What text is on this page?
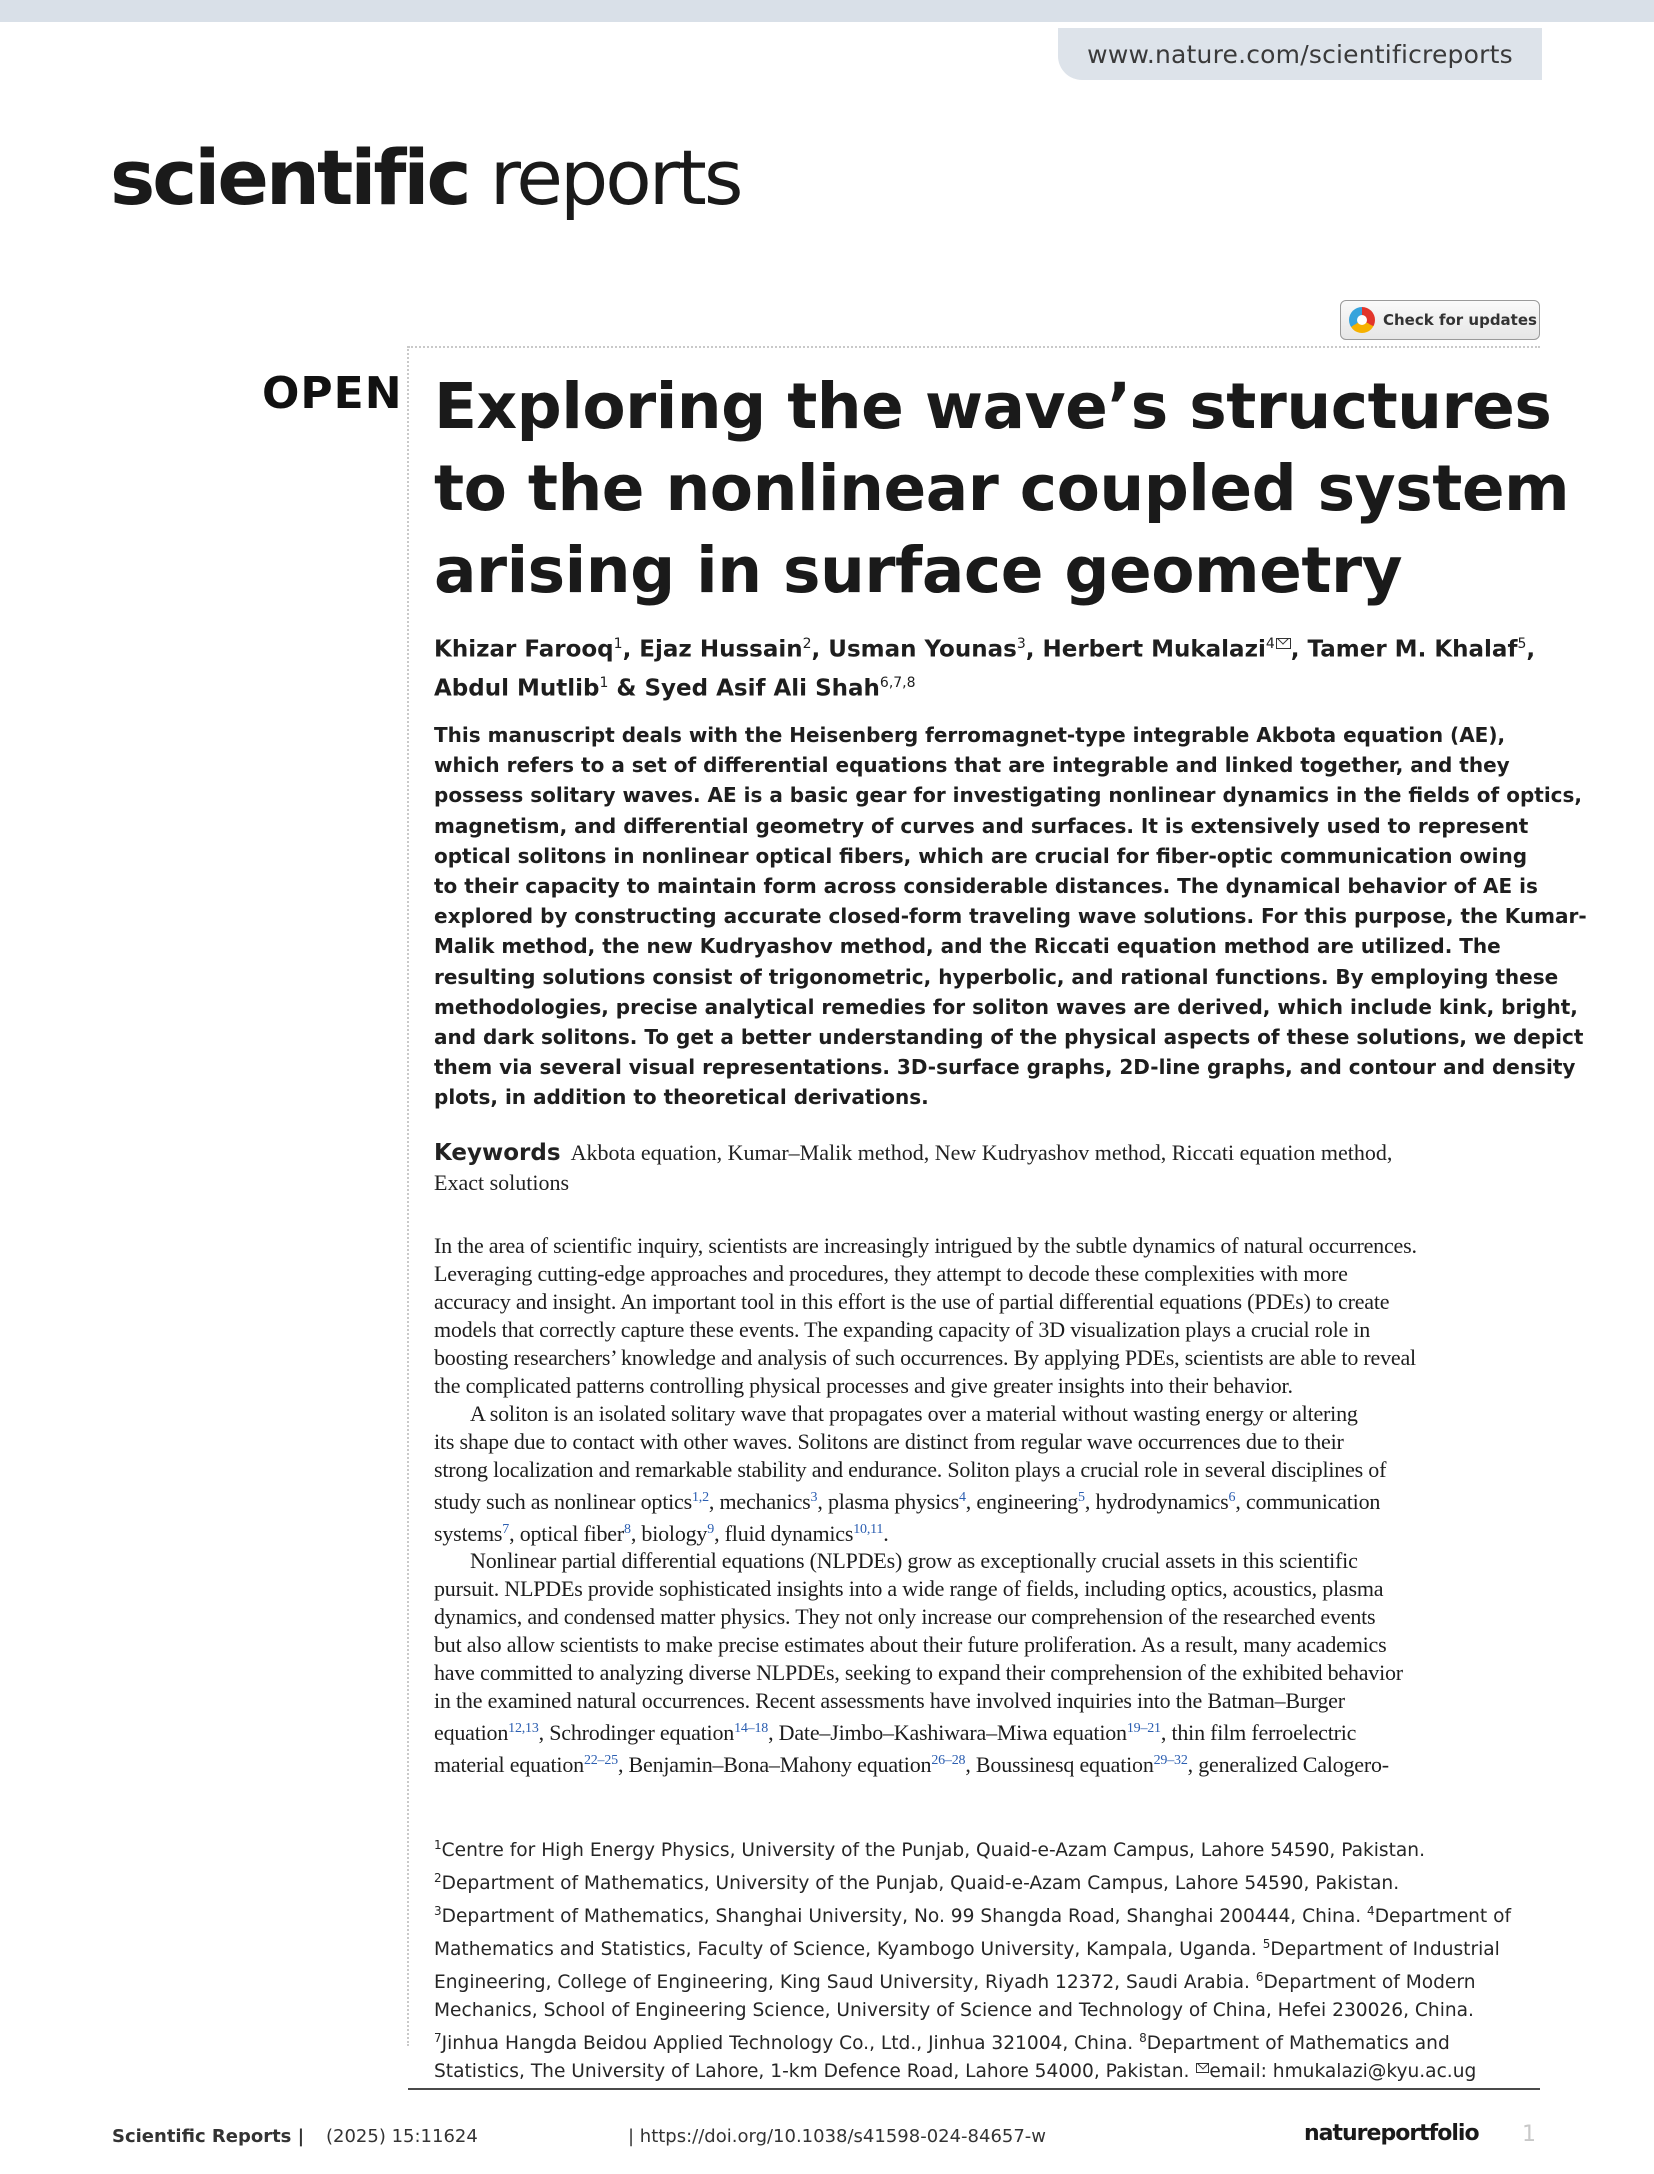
www.nature.com/scientificreports
scientific reports
Check for updates
OPEN Exploring the wave’s structures
to the nonlinear coupled system
arising in surface geometry
Khizar Farooq$^1$, Ejaz Hussain$^2$, Usman Younas$^3$, Herbert Mukalazi$^4$ , Tamer M. Khalaf$^5$,
Abdul Mutlib$^1$ & Syed Asif Ali Shah$^{6,7,8}$
This manuscript deals with the Heisenberg ferromagnet-type integrable Akbota equation (AE),
which refers to a set of differential equations that are integrable and linked together, and they
possess solitary waves. AE is a basic gear for investigating nonlinear dynamics in the fields of optics,
magnetism, and differential geometry of curves and surfaces. It is extensively used to represent
optical solitons in nonlinear optical fibers, which are crucial for fiber-optic communication owing
to their capacity to maintain form across considerable distances. The dynamical behavior of AE is
explored by constructing accurate closed-form traveling wave solutions. For this purpose, the Kumar-
Malik method, the new Kudryashov method, and the Riccati equation method are utilized. The
resulting solutions consist of trigonometric, hyperbolic, and rational functions. By employing these
methodologies, precise analytical remedies for soliton waves are derived, which include kink, bright,
and dark solitons. To get a better understanding of the physical aspects of these solutions, we depict
them via several visual representations. 3D-surface graphs, 2D-line graphs, and contour and density
plots, in addition to theoretical derivations.
Keywords Akbota equation, Kumar–Malik method, New Kudryashov method, Riccati equation method,
Exact solutions
In the area of scientific inquiry, scientists are increasingly intrigued by the subtle dynamics of natural occurrences.
Leveraging cutting-edge approaches and procedures, they attempt to decode these complexities with more
accuracy and insight. An important tool in this effort is the use of partial differential equations (PDEs) to create
models that correctly capture these events. The expanding capacity of 3D visualization plays a crucial role in
boosting researchers’ knowledge and analysis of such occurrences. By applying PDEs, scientists are able to reveal
the complicated patterns controlling physical processes and give greater insights into their behavior.
A soliton is an isolated solitary wave that propagates over a material without wasting energy or altering
its shape due to contact with other waves. Solitons are distinct from regular wave occurrences due to their
strong localization and remarkable stability and endurance. Soliton plays a crucial role in several disciplines of
study such as nonlinear optics$^{1,2}$, mechanics$^3$, plasma physics$^4$, engineering$^5$, hydrodynamics$^6$, communication
systems$^7$, optical fiber$^8$, biology$^9$, fluid dynamics$^{10,11}$.
Nonlinear partial differential equations (NLPDEs) grow as exceptionally crucial assets in this scientific
pursuit. NLPDEs provide sophisticated insights into a wide range of fields, including optics, acoustics, plasma
dynamics, and condensed matter physics. They not only increase our comprehension of the researched events
but also allow scientists to make precise estimates about their future proliferation. As a result, many academics
have committed to analyzing diverse NLPDEs, seeking to expand their comprehension of the exhibited behavior
in the examined natural occurrences. Recent assessments have involved inquiries into the Batman–Burger
equation$^{12,13}$, Schrodinger equation$^{14-18}$, Date–Jimbo–Kashiwara–Miwa equation$^{19-21}$, thin film ferroelectric
material equation$^{22-25}$, Benjamin–Bona–Mahony equation$^{26-28}$, Boussinesq equation$^{29-32}$, generalized Calogero-
$^1$Centre for High Energy Physics, University of the Punjab, Quaid-e-Azam Campus, Lahore 54590, Pakistan.
$^2$Department of Mathematics, University of the Punjab, Quaid-e-Azam Campus, Lahore 54590, Pakistan.
$^3$Department of Mathematics, Shanghai University, No. 99 Shangda Road, Shanghai 200444, China. $^4$Department of
Mathematics and Statistics, Faculty of Science, Kyambogo University, Kampala, Uganda. $^5$Department of Industrial
Engineering, College of Engineering, King Saud University, Riyadh 12372, Saudi Arabia. $^6$Department of Modern
Mechanics, School of Engineering Science, University of Science and Technology of China, Hefei 230026, China.
$^7$Jinhua Hangda Beidou Applied Technology Co., Ltd., Jinhua 321004, China. $^8$Department of Mathematics and
Statistics, The University of Lahore, 1-km Defence Road, Lahore 54000, Pakistan. email: hmukalazi@kyu.ac.ug
Scientific Reports | (2025) 15:11624	| https://doi.org/10.1038/s41598-024-84657-w	natureportfolio 1
